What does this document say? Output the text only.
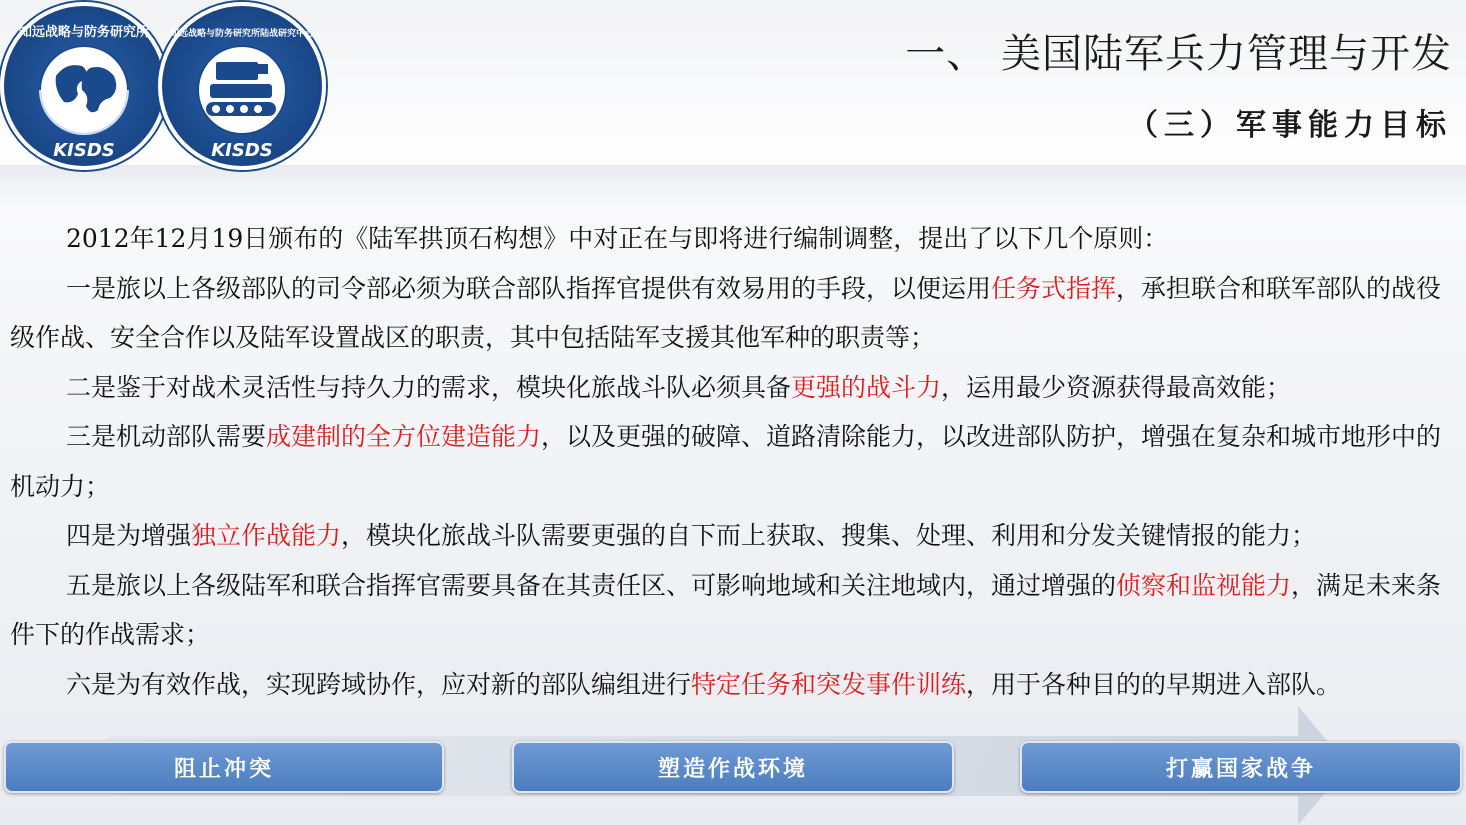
KISDS
知远战略与防务研究所
KISDS
知远战略与防务研究所陆战研究中心	一、 美国陆军兵力管理与开发
（三）军事能力目标

2012年12月19日颁布的《陆军拱顶石构想》中对正在与即将进行编制调整，提出了以下几个原则：

一是旅以上各级部队的司令部必须为联合部队指挥官提供有效易用的手段，以便运用任务式指挥，承担联合和联军部队的战役级作战、安全合作以及陆军设置战区的职责，其中包括陆军支援其他军种的职责等；

二是鉴于对战术灵活性与持久力的需求，模块化旅战斗队必须具备更强的战斗力，运用最少资源获得最高效能；

三是机动部队需要成建制的全方位建造能力，以及更强的破障、道路清除能力，以改进部队防护，增强在复杂和城市地形中的机动力；

四是为增强独立作战能力，模块化旅战斗队需要更强的自下而上获取、搜集、处理、利用和分发关键情报的能力；

五是旅以上各级陆军和联合指挥官需要具备在其责任区、可影响地域和关注地域内，通过增强的侦察和监视能力，满足未来条件下的作战需求；

六是为有效作战，实现跨域协作，应对新的部队编组进行特定任务和突发事件训练，用于各种目的的早期进入部队。

阻止冲突	塑造作战环境	打赢国家战争
